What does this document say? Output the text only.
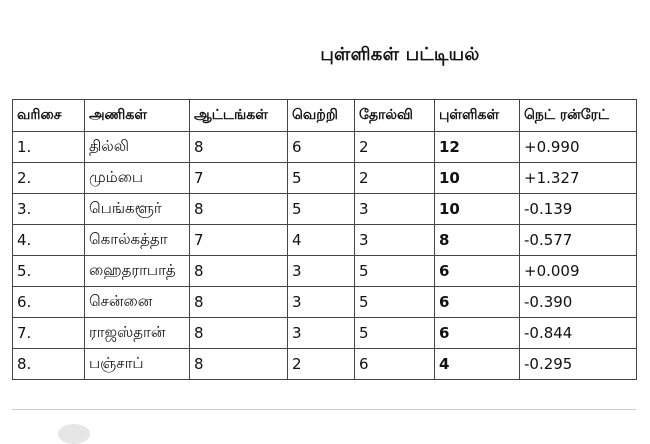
புள்ளிகள் பட்டியல்
வரிசை	அணிகள்	ஆட்டங்கள்	வெற்றி	தோல்வி	புள்ளிகள்	நெட் ரன்ரேட்
1.	தில்லி	8	6	2	12	+0.990
2.	மும்பை	7	5	2	10	+1.327
3.	பெங்களூர்	8	5	3	10	-0.139
4.	கொல்கத்தா	7	4	3	8	-0.577
5.	ஹைதராபாத்	8	3	5	6	+0.009
6.	சென்னை	8	3	5	6	-0.390
7.	ராஜஸ்தான்	8	3	5	6	-0.844
8.	பஞ்சாப்	8	2	6	4	-0.295
